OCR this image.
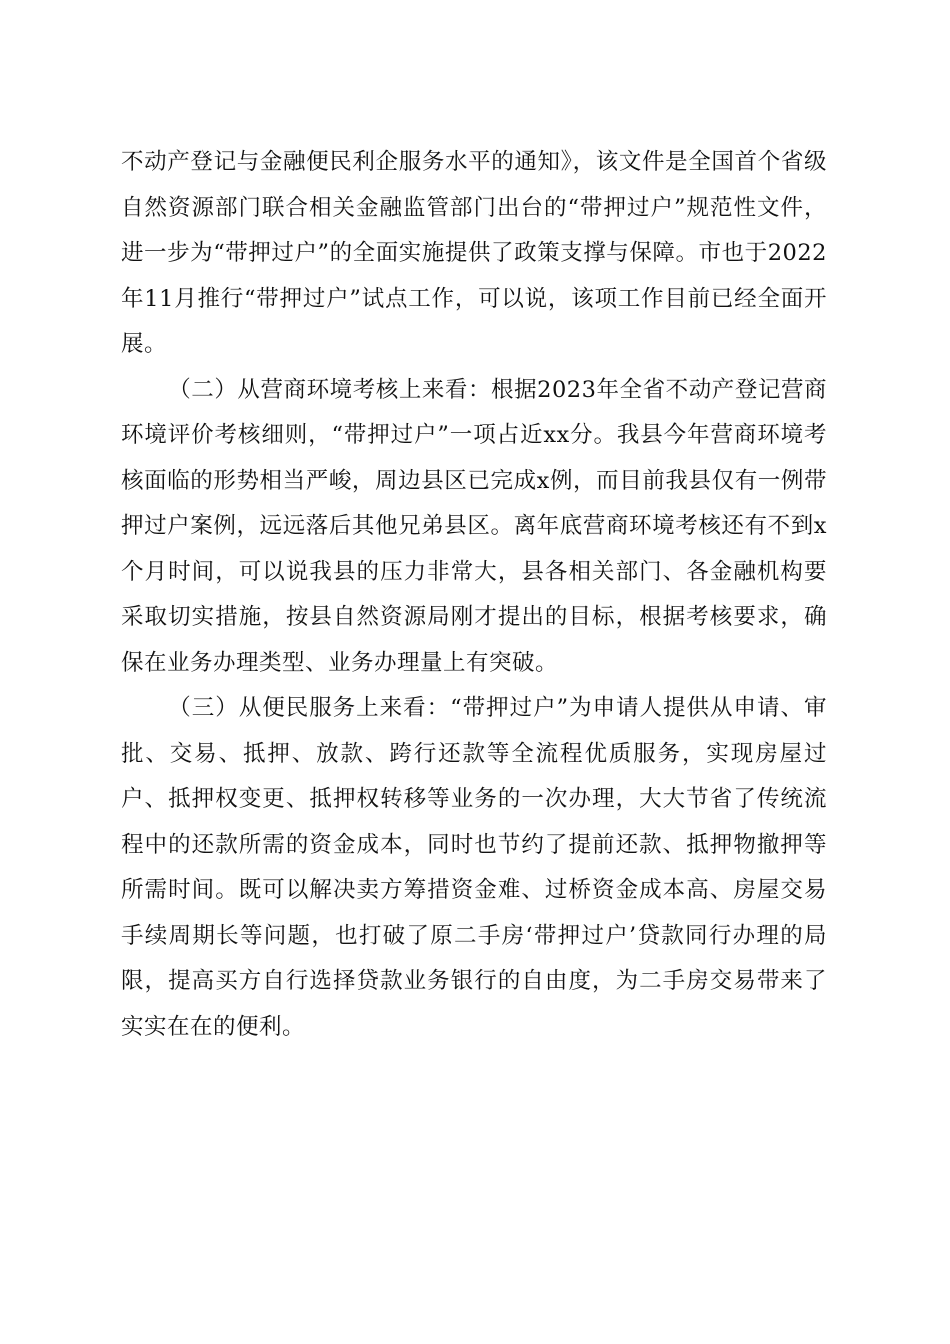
不动产登记与金融便民利企服务水平的通知》，该文件是全国首个省级自然资源部门联合相关金融监管部门出台的“带押过户”规范性文件，进一步为“带押过户”的全面实施提供了政策支撑与保障。市也于2022年11月推行“带押过户”试点工作，可以说，该项工作目前已经全面开展。

（二）从营商环境考核上来看：根据2023年全省不动产登记营商环境评价考核细则，“带押过户”一项占近xx分。我县今年营商环境考核面临的形势相当严峻，周边县区已完成x例，而目前我县仅有一例带押过户案例，远远落后其他兄弟县区。离年底营商环境考核还有不到x个月时间，可以说我县的压力非常大，县各相关部门、各金融机构要采取切实措施，按县自然资源局刚才提出的目标，根据考核要求，确保在业务办理类型、业务办理量上有突破。

（三）从便民服务上来看：“带押过户”为申请人提供从申请、审批、交易、抵押、放款、跨行还款等全流程优质服务，实现房屋过户、抵押权变更、抵押权转移等业务的一次办理，大大节省了传统流程中的还款所需的资金成本，同时也节约了提前还款、抵押物撤押等所需时间。既可以解决卖方筹措资金难、过桥资金成本高、房屋交易手续周期长等问题，也打破了原二手房‘带押过户’贷款同行办理的局限，提高买方自行选择贷款业务银行的自由度，为二手房交易带来了实实在在的便利。
